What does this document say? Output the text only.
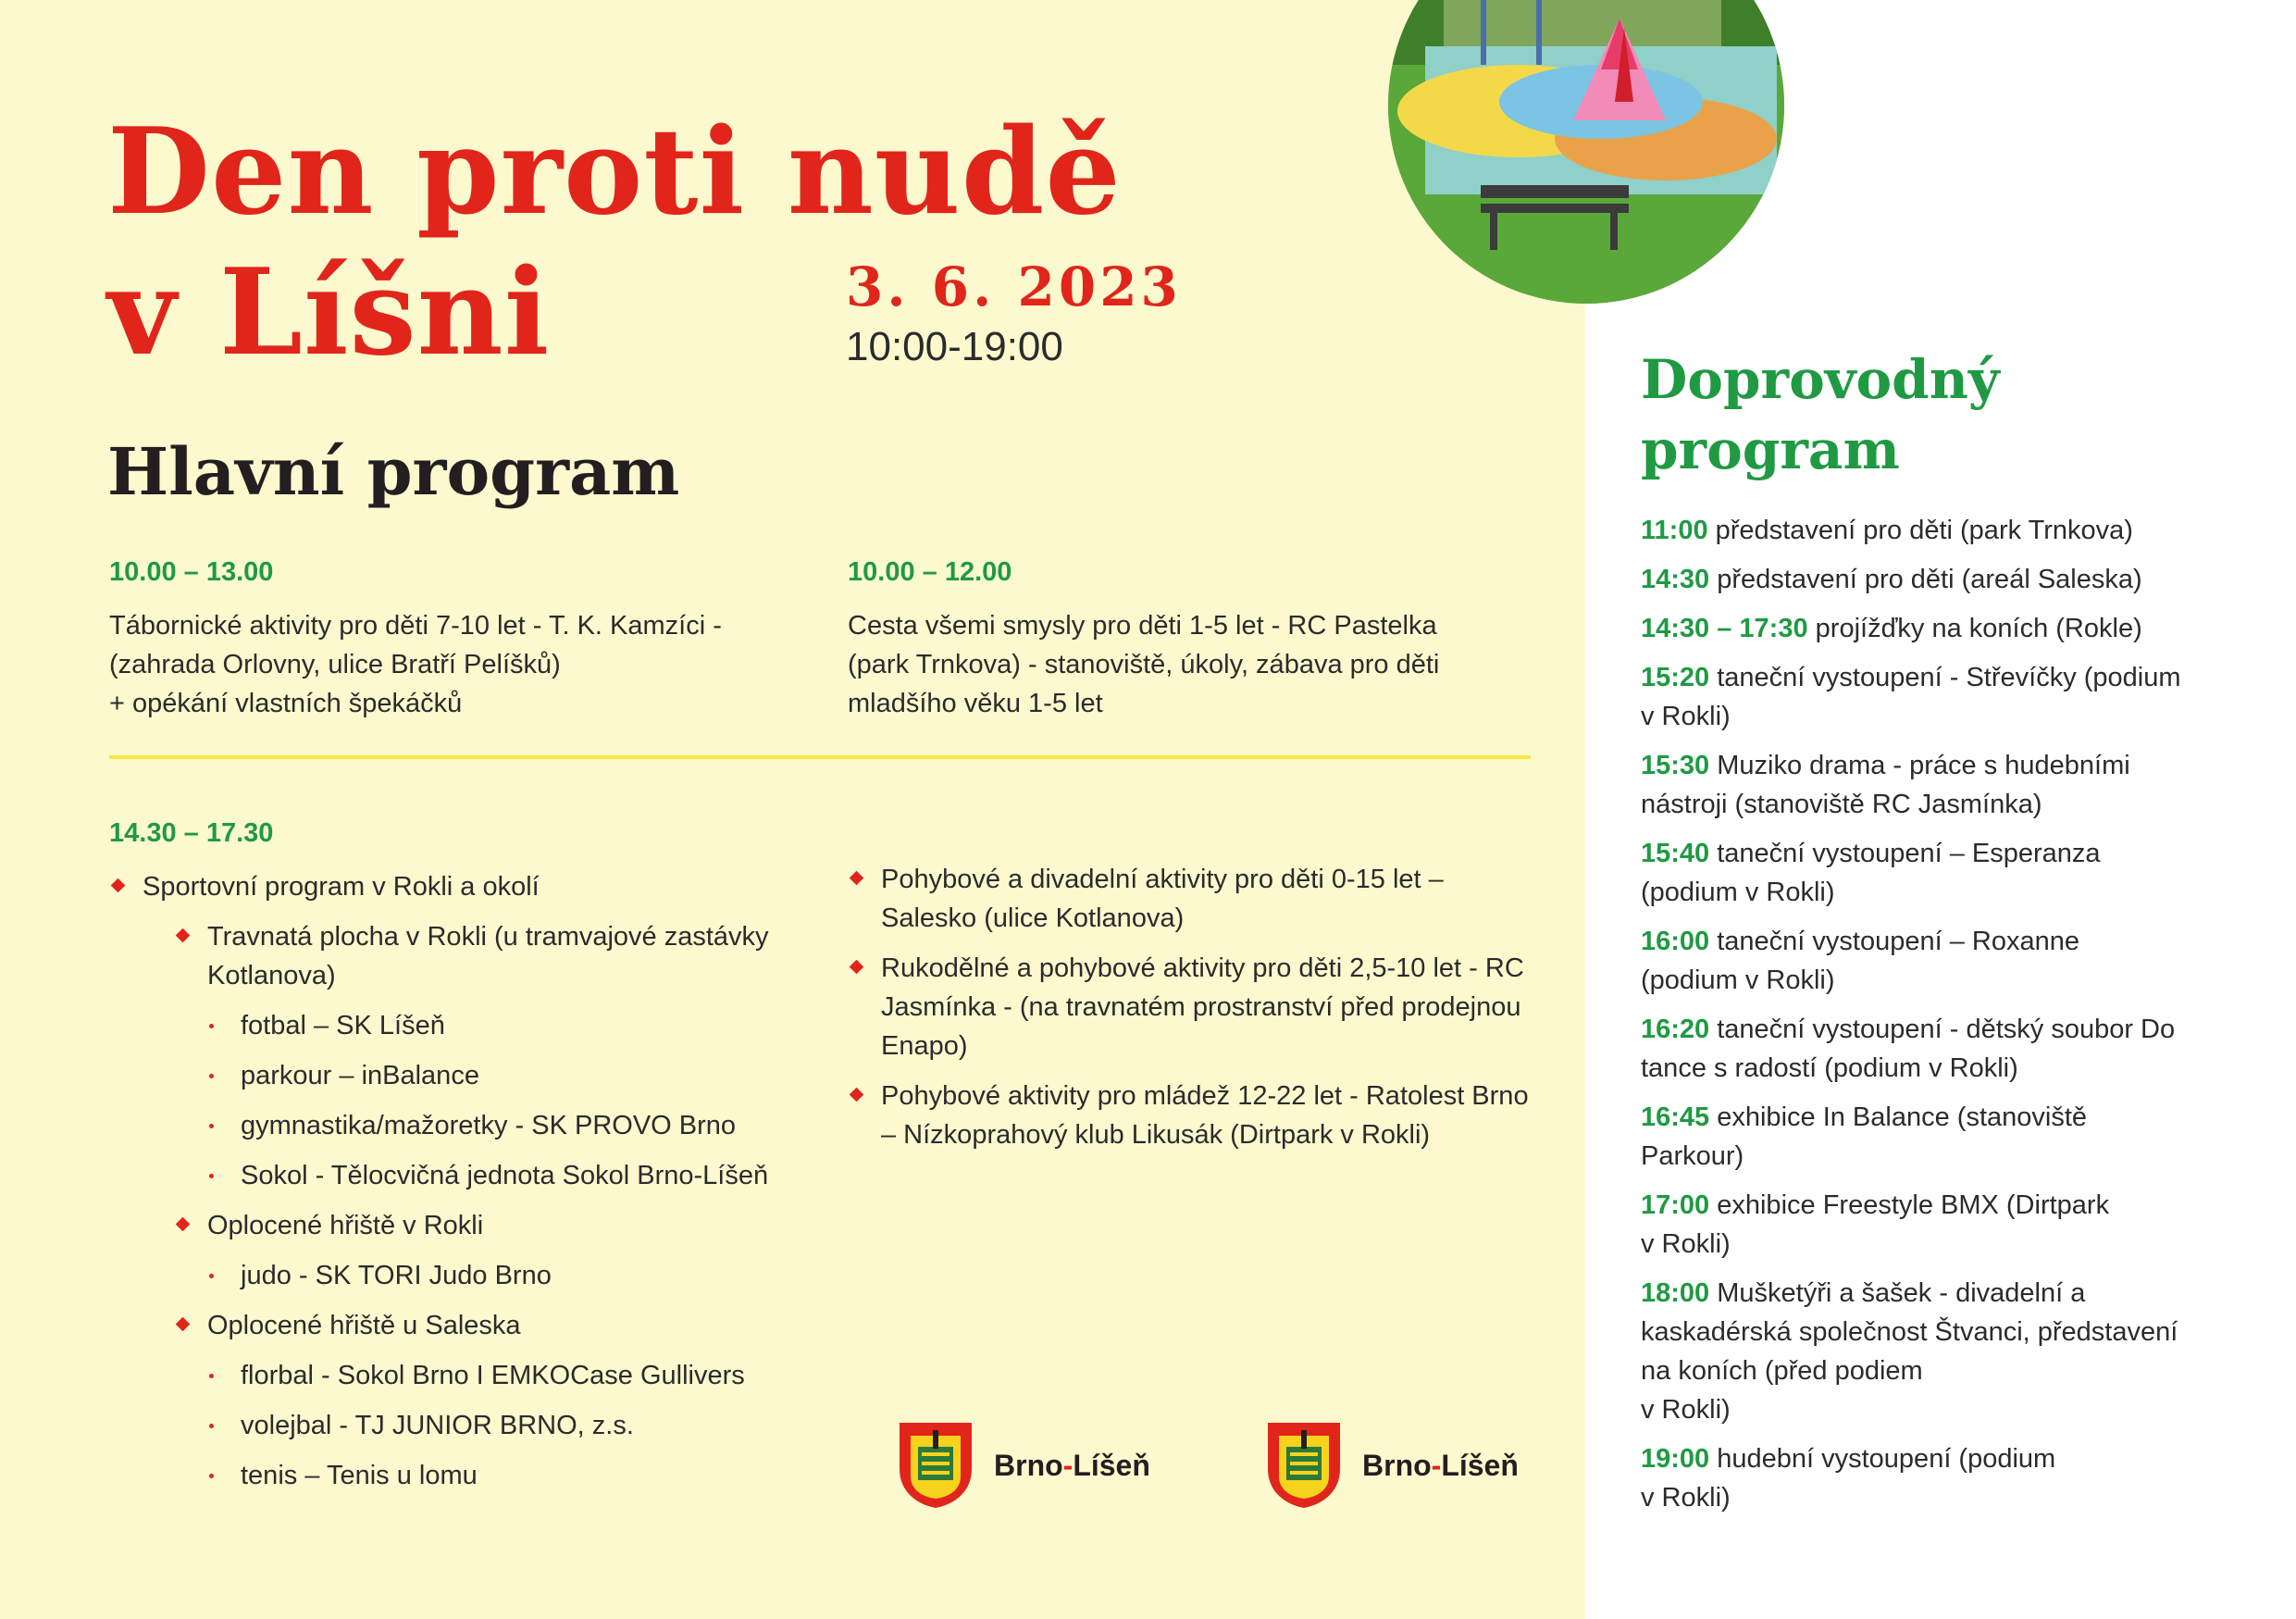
Den proti nudě
v Líšni	3. 6. 2023
10:00-19:00
Hlavní program
10.00 – 13.00
Tábornické aktivity pro děti 7-10 let - T. K. Kamzíci -
(zahrada Orlovny, ulice Bratří Pelíšků)
+ opékání vlastních špekáčků
10.00 – 12.00
Cesta všemi smysly pro děti 1-5 let - RC Pastelka
(park Trnkova) - stanoviště, úkoly, zábava pro děti
mladšího věku 1-5 let
14.30 – 17.30
Sportovní program v Rokli a okolí
Travnatá plocha v Rokli (u tramvajové zastávky Kotlanova)
fotbal – SK Líšeň
parkour – inBalance
gymnastika/mažoretky - SK PROVO Brno
Sokol - Tělocvičná jednota Sokol Brno-Líšeň
Oplocené hřiště v Rokli
judo - SK TORI Judo Brno
Oplocené hřiště u Saleska
florbal - Sokol Brno I EMKOCase Gullivers
volejbal - TJ JUNIOR BRNO, z.s.
tenis – Tenis u lomu
Pohybové a divadelní aktivity pro děti 0-15 let – Salesko (ulice Kotlanova)
Rukodělné a pohybové aktivity pro děti 2,5-10 let - RC Jasmínka - (na travnatém prostranství před prodejnou Enapo)
Pohybové aktivity pro mládež 12-22 let - Ratolest Brno – Nízkoprahový klub Likusák (Dirtpark v Rokli)
Brno-Líšeň	Brno-Líšeň
Doprovodný
program
11:00 představení pro děti (park Trnkova)
14:30 představení pro děti (areál Saleska)
14:30 – 17:30 projížďky na koních (Rokle)
15:20 taneční vystoupení - Střevíčky (podium
v Rokli)
15:30 Muziko drama - práce s hudebními
nástroji (stanoviště RC Jasmínka)
15:40 taneční vystoupení – Esperanza
(podium v Rokli)
16:00 taneční vystoupení – Roxanne
(podium v Rokli)
16:20 taneční vystoupení - dětský soubor Do
tance s radostí (podium v Rokli)
16:45 exhibice In Balance (stanoviště
Parkour)
17:00 exhibice Freestyle BMX (Dirtpark
v Rokli)
18:00 Mušketýři a šašek - divadelní a
kaskadérská společnost Štvanci, představení
na koních (před podiem
v Rokli)
19:00 hudební vystoupení (podium
v Rokli)
